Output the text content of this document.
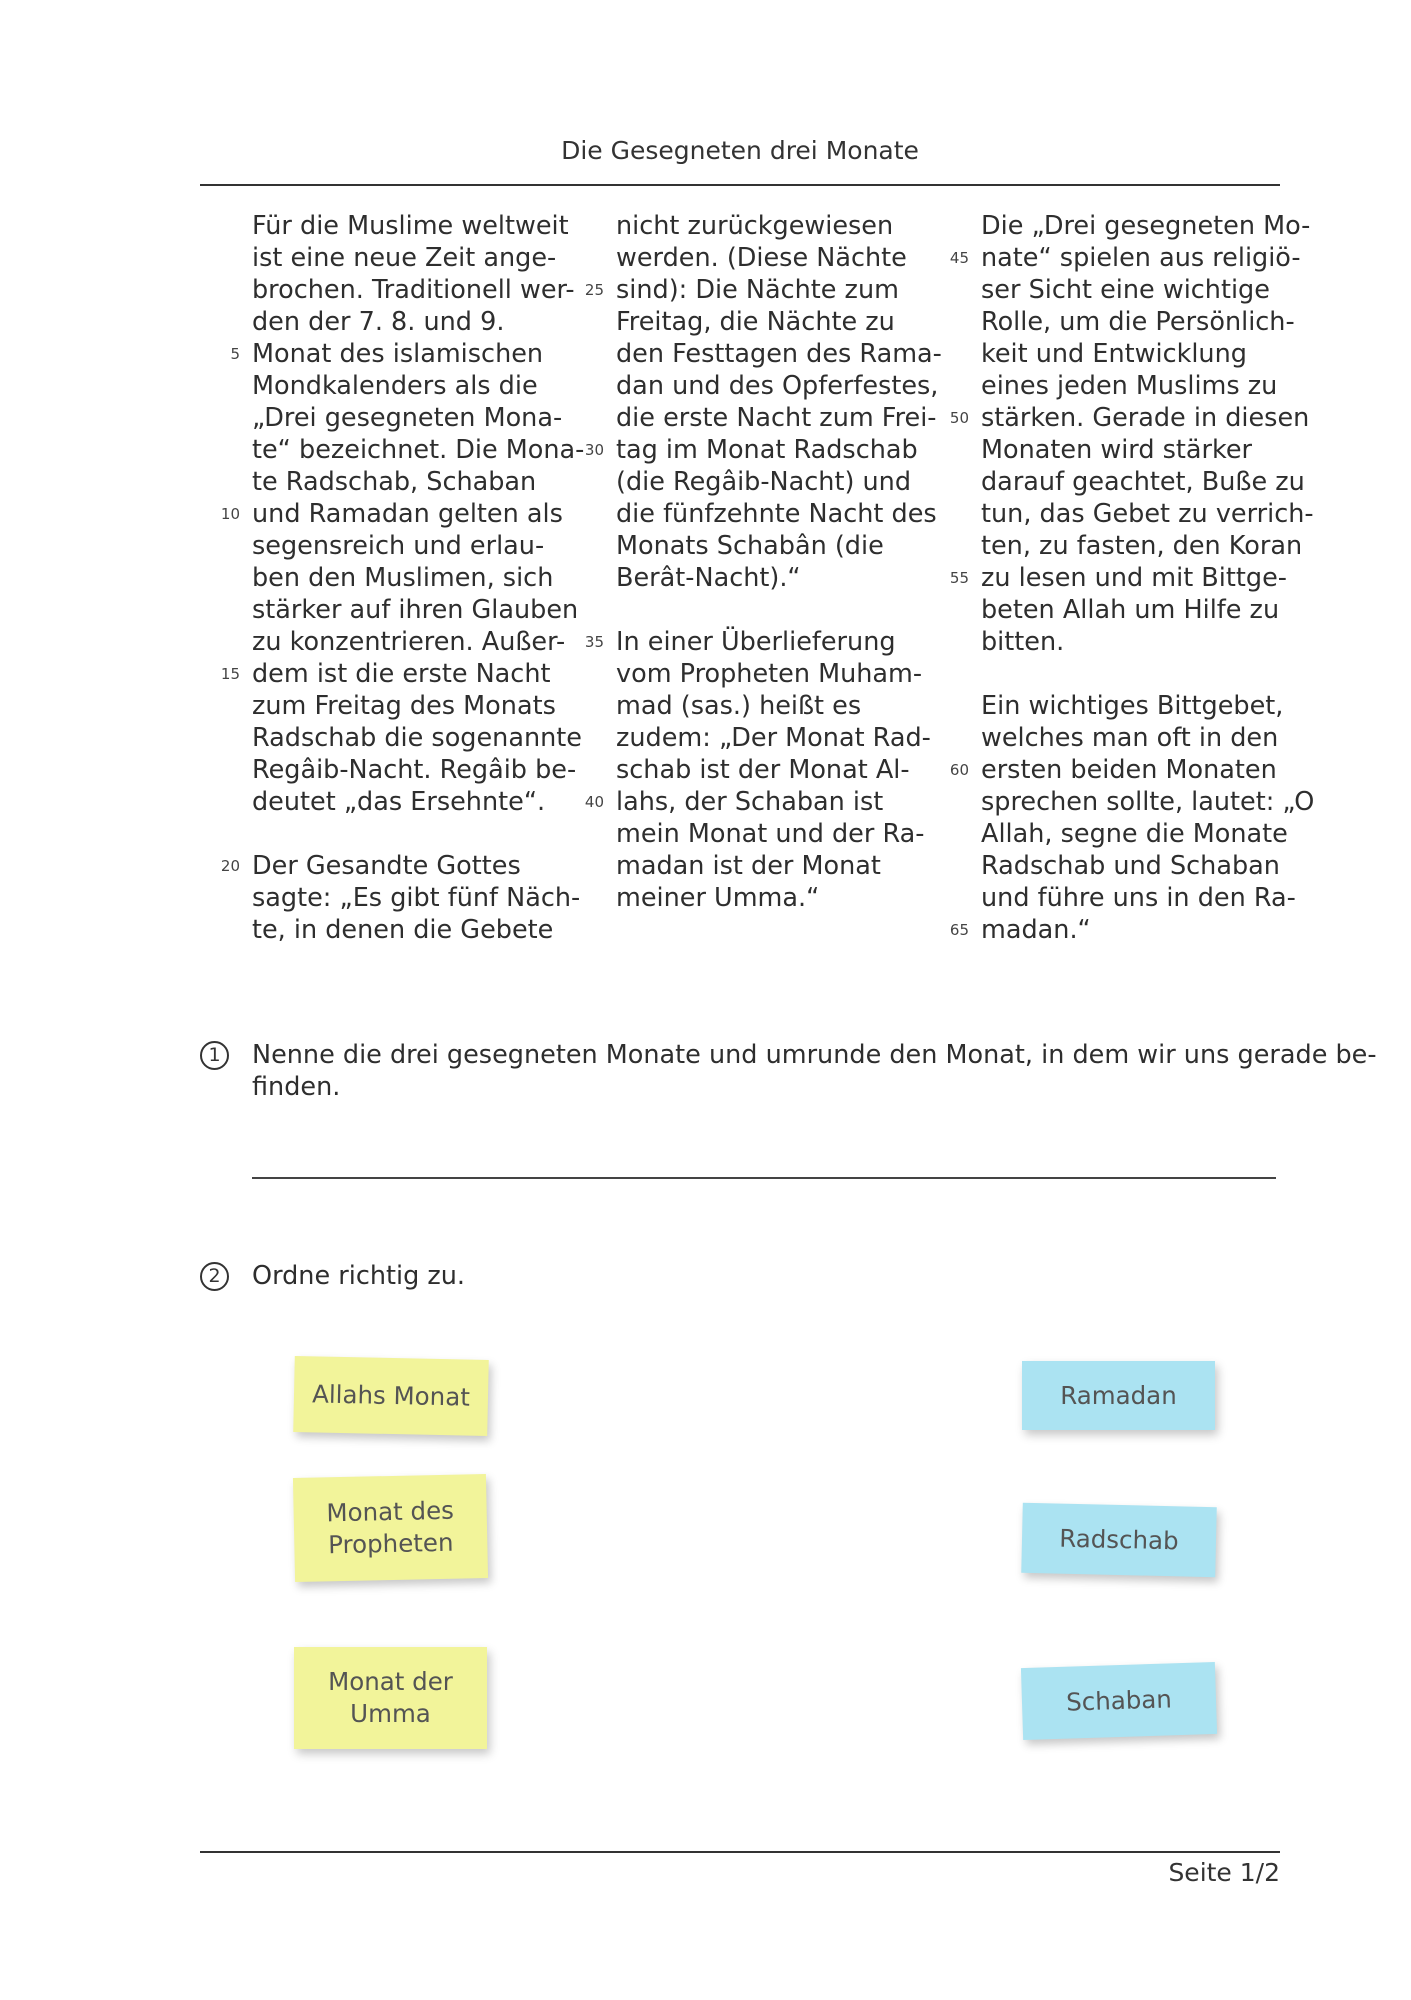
Die Gesegneten drei Monate
Für die Muslime weltweit
ist eine neue Zeit ange-
brochen. Traditionell wer-
den der 7. 8. und 9.
Monat des islamischen
Mondkalenders als die
„Drei gesegneten Mona-
te“ bezeichnet. Die Mona-
te Radschab, Schaban
und Ramadan gelten als
segensreich und erlau-
ben den Muslimen, sich
stärker auf ihren Glauben
zu konzentrieren. Außer-
dem ist die erste Nacht
zum Freitag des Monats
Radschab die sogenannte
Regâib-Nacht. Regâib be-
deutet „das Ersehnte“.
Der Gesandte Gottes
sagte: „Es gibt fünf Näch-
te, in denen die Gebete
5
10
15
20
nicht zurückgewiesen
werden. (Diese Nächte
sind): Die Nächte zum
Freitag, die Nächte zu
den Festtagen des Rama-
dan und des Opferfestes,
die erste Nacht zum Frei-
tag im Monat Radschab
(die Regâib-Nacht) und
die fünfzehnte Nacht des
Monats Schabân (die
Berât-Nacht).“
In einer Überlieferung
vom Propheten Muham-
mad (sas.) heißt es
zudem: „Der Monat Rad-
schab ist der Monat Al-
lahs, der Schaban ist
mein Monat und der Ra-
madan ist der Monat
meiner Umma.“
25
30
35
40
Die „Drei gesegneten Mo-
nate“ spielen aus religiö-
ser Sicht eine wichtige
Rolle, um die Persönlich-
keit und Entwicklung
eines jeden Muslims zu
stärken. Gerade in diesen
Monaten wird stärker
darauf geachtet, Buße zu
tun, das Gebet zu verrich-
ten, zu fasten, den Koran
zu lesen und mit Bittge-
beten Allah um Hilfe zu
bitten.
Ein wichtiges Bittgebet,
welches man oft in den
ersten beiden Monaten
sprechen sollte, lautet: „O
Allah, segne die Monate
Radschab und Schaban
und führe uns in den Ra-
madan.“
45
50
55
60
65
1	Nenne die drei gesegneten Monate und umrunde den Monat, in dem wir uns gerade be-
finden.
2	Ordne richtig zu.
Allahs Monat
Monat des
Propheten
Monat der
Umma
Ramadan
Radschab
Schaban
Seite 1/2
